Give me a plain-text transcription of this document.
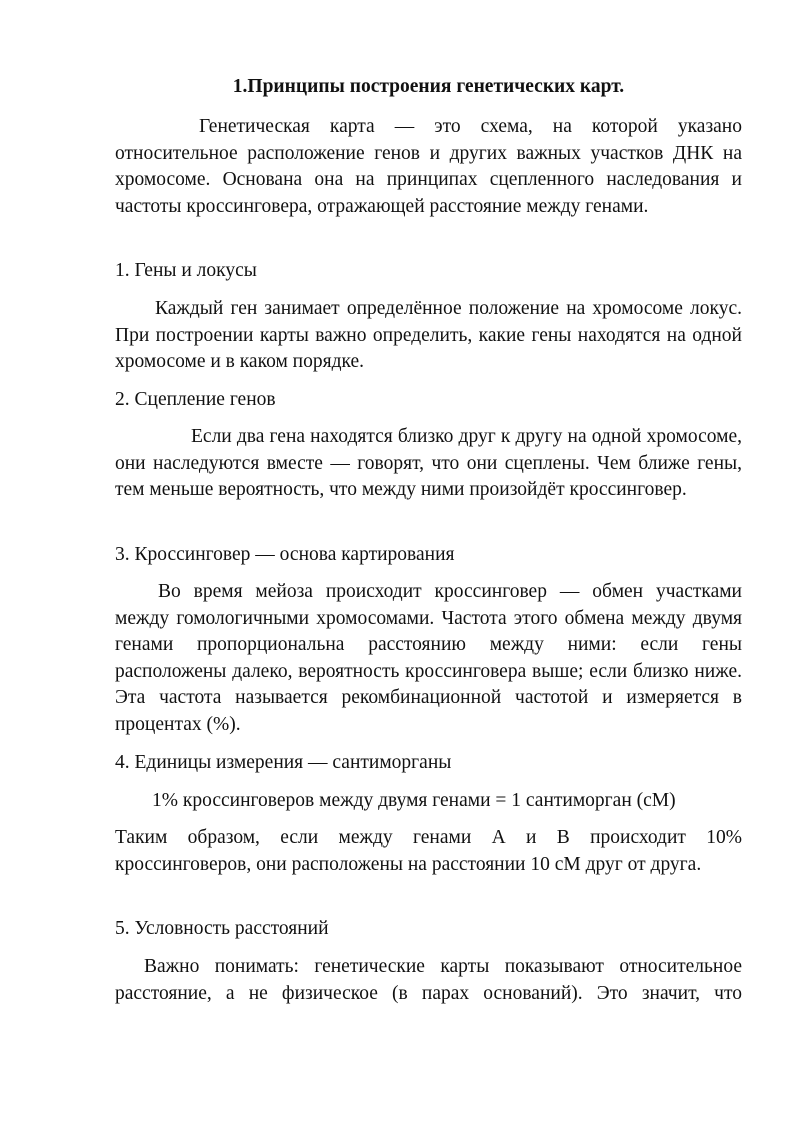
1.Принципы построения генетических карт.

Генетическая карта — это схема, на которой указано относительное расположение генов и других важных участков ДНК на хромосоме. Основана она на принципах сцепленного наследования и частоты кроссинговера, отражающей расстояние между генами.

1. Гены и локусы

Каждый ген занимает определённое положение на хромосоме локус. При построении карты важно определить, какие гены находятся на одной хромосоме и в каком порядке.

2. Сцепление генов

Если два гена находятся близко друг к другу на одной хромосоме, они наследуются вместе — говорят, что они сцеплены. Чем ближе гены, тем меньше вероятность, что между ними произойдёт кроссинговер.

3. Кроссинговер — основа картирования

Во время мейоза происходит кроссинговер — обмен участками между гомологичными хромосомами. Частота этого обмена между двумя генами пропорциональна расстоянию между ними: если гены расположены далеко, вероятность кроссинговера выше; если близко ниже. Эта частота называется рекомбинационной частотой и измеряется в процентах (%).

4. Единицы измерения — сантиморганы

1% кроссинговеров между двумя генами = 1 сантиморган (сМ)

Таким образом, если между генами А и В происходит 10% кроссинговеров, они расположены на расстоянии 10 сМ друг от друга.

5. Условность расстояний

Важно понимать: генетические карты показывают относительное расстояние, а не физическое (в парах оснований). Это значит, что
